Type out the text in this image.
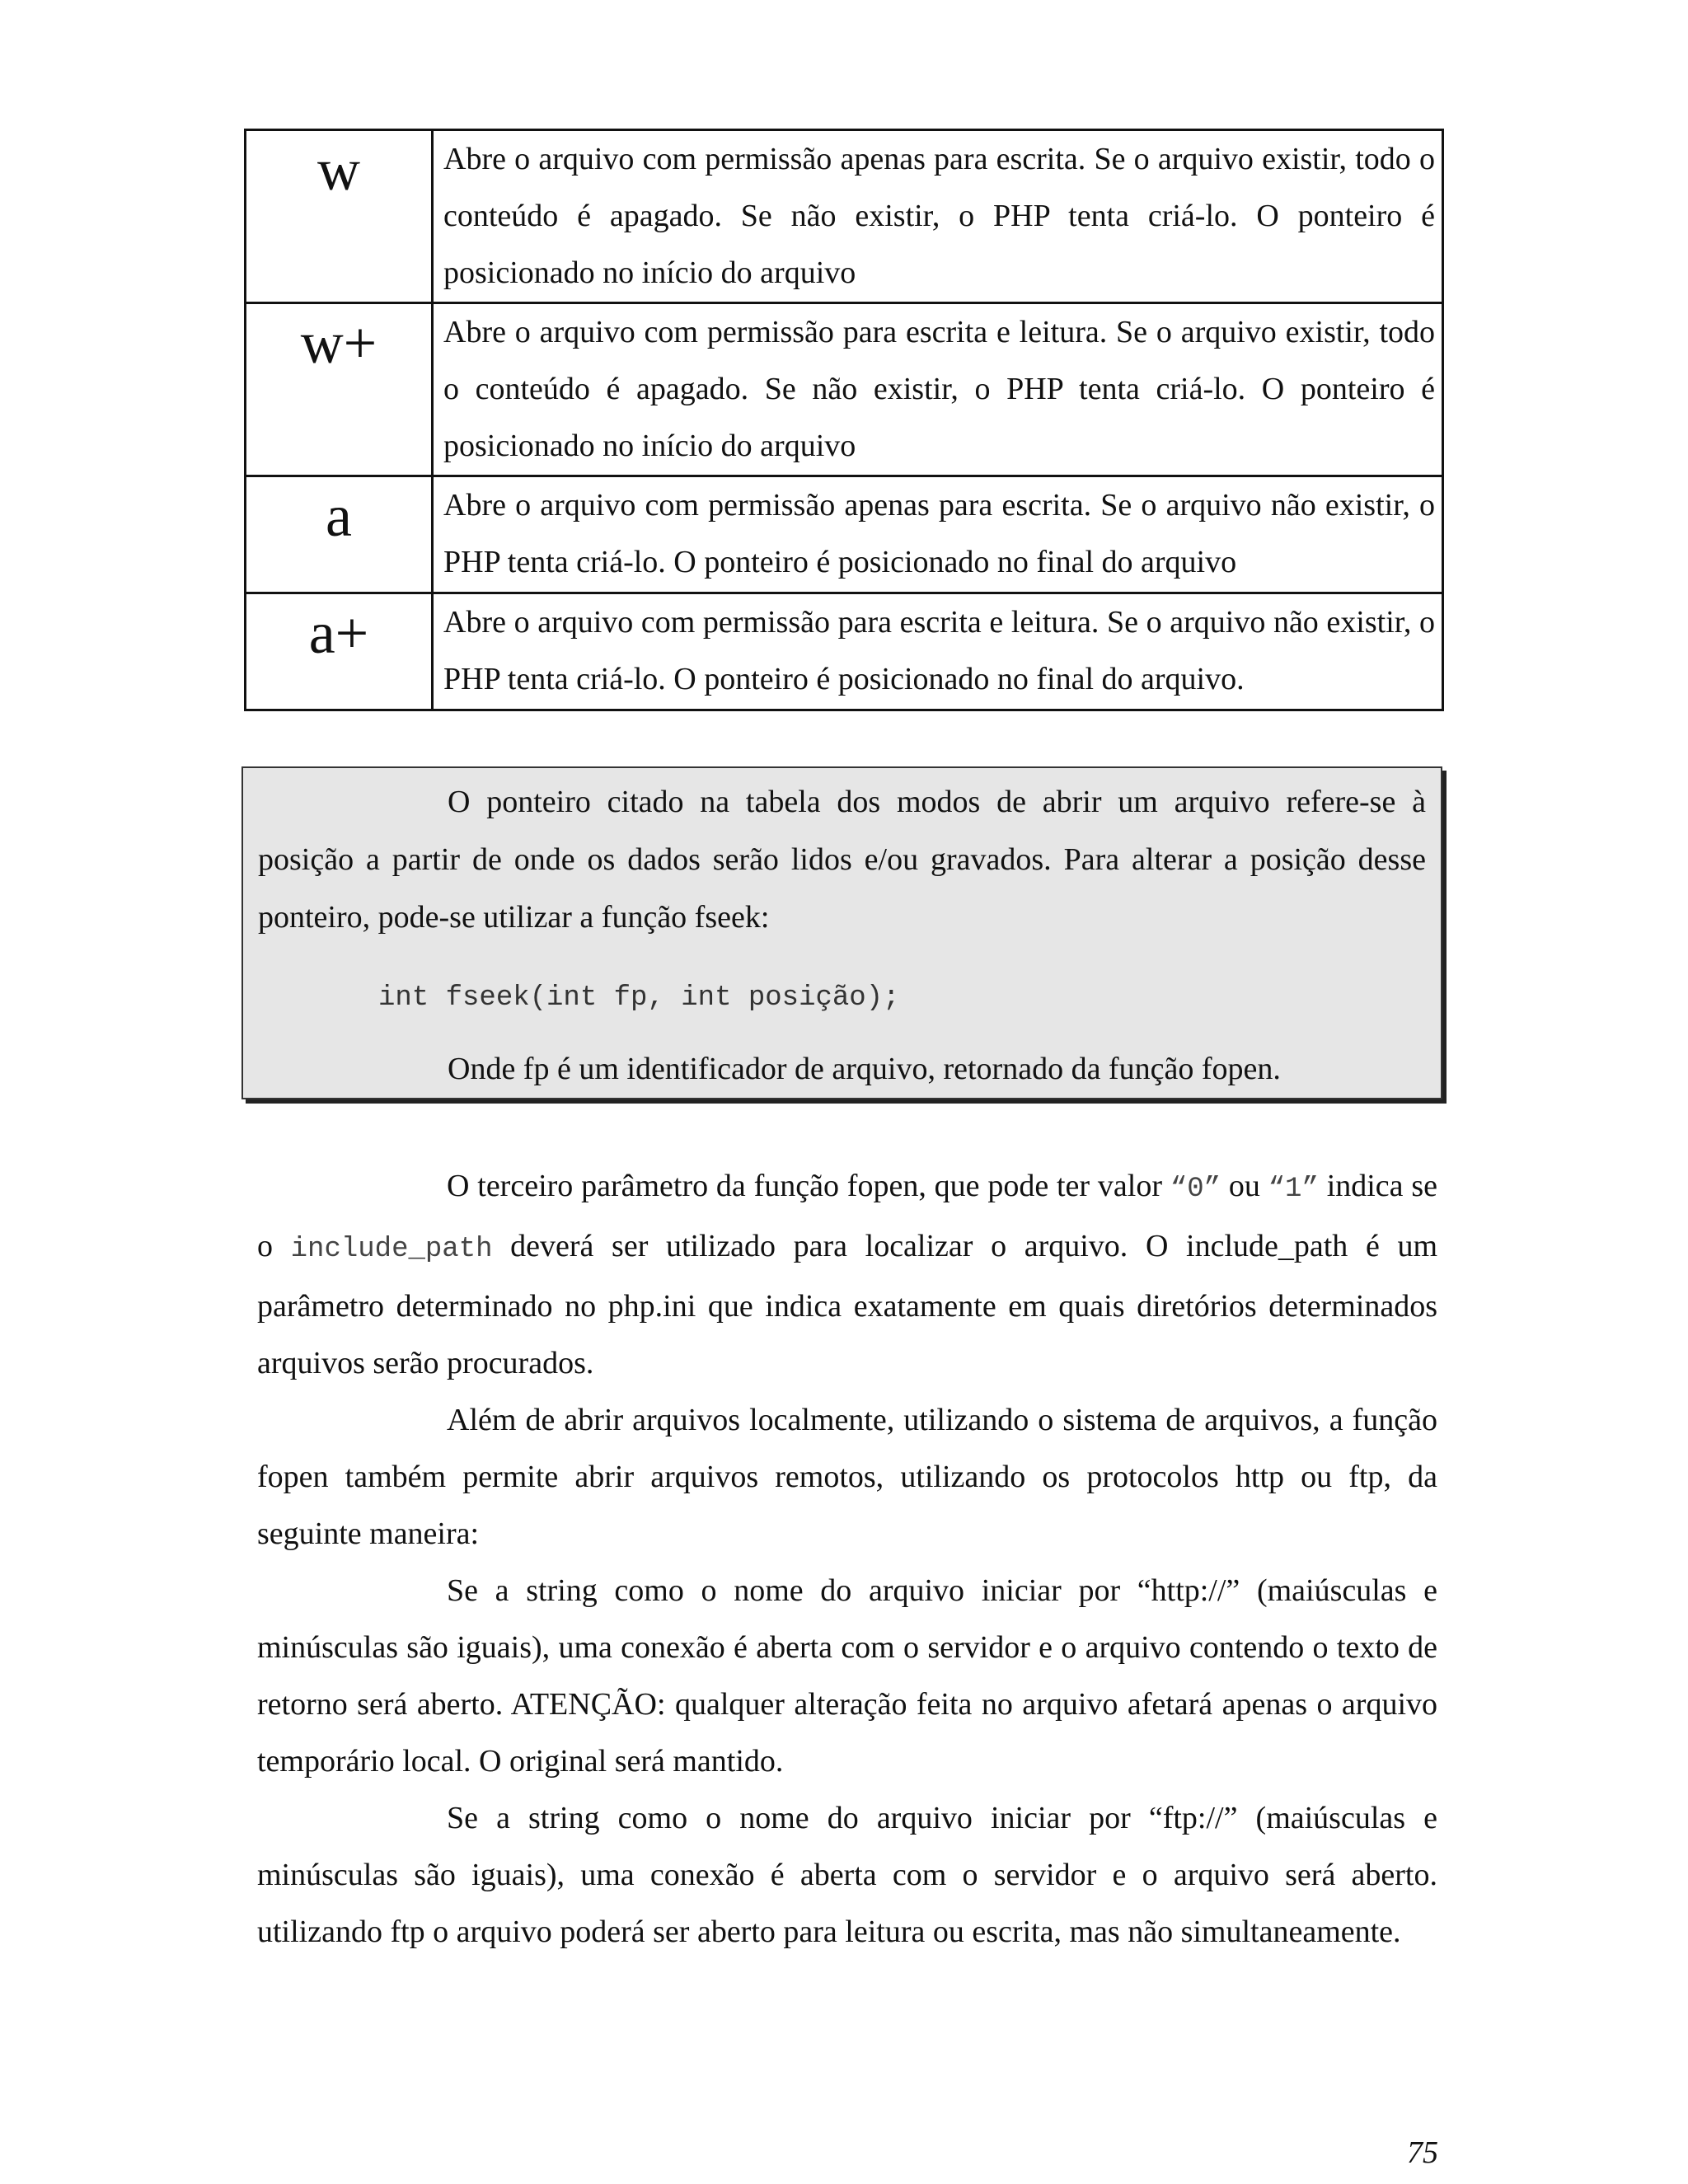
w	Abre o arquivo com permissão apenas para escrita. Se o arquivo existir, todo o conteúdo é apagado. Se não existir, o PHP tenta criá-lo. O ponteiro é posicionado no início do arquivo

w+	Abre o arquivo com permissão para escrita e leitura. Se o arquivo existir, todo o conteúdo é apagado. Se não existir, o PHP tenta criá-lo. O ponteiro é posicionado no início do arquivo

a	Abre o arquivo com permissão apenas para escrita. Se o arquivo não existir, o PHP tenta criá-lo. O ponteiro é posicionado no final do arquivo

a+	Abre o arquivo com permissão para escrita e leitura. Se o arquivo não existir, o PHP tenta criá-lo. O ponteiro é posicionado no final do arquivo.

O ponteiro citado na tabela dos modos de abrir um arquivo refere-se à posição a partir de onde os dados serão lidos e/ou gravados. Para alterar a posição desse ponteiro, pode-se utilizar a função fseek:

int fseek(int fp, int posição);

Onde fp é um identificador de arquivo, retornado da função fopen.

O terceiro parâmetro da função fopen, que pode ter valor “0” ou “1” indica se o include_path deverá ser utilizado para localizar o arquivo. O include_path é um parâmetro determinado no php.ini que indica exatamente em quais diretórios determinados arquivos serão procurados.

Além de abrir arquivos localmente, utilizando o sistema de arquivos, a função fopen também permite abrir arquivos remotos, utilizando os protocolos http ou ftp, da seguinte maneira:

Se a string como o nome do arquivo iniciar por “http://” (maiúsculas e minúsculas são iguais), uma conexão é aberta com o servidor e o arquivo contendo o texto de retorno será aberto. ATENÇÃO: qualquer alteração feita no arquivo afetará apenas o arquivo temporário local. O original será mantido.

Se a string como o nome do arquivo iniciar por “ftp://” (maiúsculas e minúsculas são iguais), uma conexão é aberta com o servidor e o arquivo será aberto. utilizando ftp o arquivo poderá ser aberto para leitura ou escrita, mas não simultaneamente.

75
